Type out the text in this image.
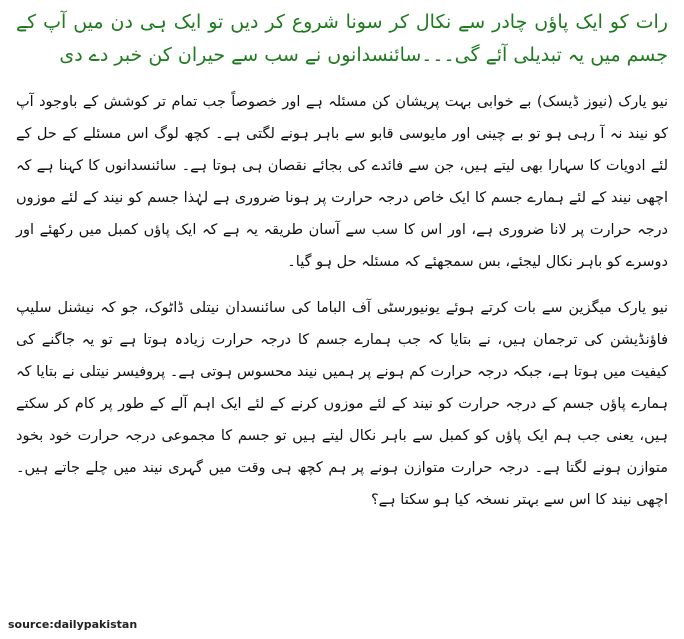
رات کو ایک پاؤں چادر سے نکال کر سونا شروع کر دیں تو ایک ہی دن میں آپ کے جسم میں یہ تبدیلی آئے گی۔۔۔سائنسدانوں نے سب سے حیران کن خبر دے دی

نیو یارک (نیوز ڈیسک) بے خوابی بہت پریشان کن مسئلہ ہے اور خصوصاً جب تمام تر کوشش کے باوجود آپ کو نیند نہ آ رہی ہو تو بے چینی اور مایوسی قابو سے باہر ہونے لگتی ہے۔ کچھ لوگ اس مسئلے کے حل کے لئے ادویات کا سہارا بھی لیتے ہیں، جن سے فائدے کی بجائے نقصان ہی ہوتا ہے۔ سائنسدانوں کا کہنا ہے کہ اچھی نیند کے لئے ہمارے جسم کا ایک خاص درجہ حرارت پر ہونا ضروری ہے لہٰذا جسم کو نیند کے لئے موزوں درجہ حرارت پر لانا ضروری ہے، اور اس کا سب سے آسان طریقہ یہ ہے کہ ایک پاؤں کمبل میں رکھئے اور دوسرے کو باہر نکال لیجئے، بس سمجھئے کہ مسئلہ حل ہو گیا۔

نیو یارک میگزین سے بات کرتے ہوئے یونیورسٹی آف الباما کی سائنسدان نیتلی ڈاٹوک، جو کہ نیشنل سلیپ فاؤنڈیشن کی ترجمان ہیں، نے بتایا کہ جب ہمارے جسم کا درجہ حرارت زیادہ ہوتا ہے تو یہ جاگنے کی کیفیت میں ہوتا ہے، جبکہ درجہ حرارت کم ہونے پر ہمیں نیند محسوس ہوتی ہے۔ پروفیسر نیتلی نے بتایا کہ ہمارے پاؤں جسم کے درجہ حرارت کو نیند کے لئے موزوں کرنے کے لئے ایک اہم آلے کے طور پر کام کر سکتے ہیں، یعنی جب ہم ایک پاؤں کو کمبل سے باہر نکال لیتے ہیں تو جسم کا مجموعی درجہ حرارت خود بخود متوازن ہونے لگتا ہے۔ درجہ حرارت متوازن ہونے پر ہم کچھ ہی وقت میں گہری نیند میں چلے جاتے ہیں۔ اچھی نیند کا اس سے بہتر نسخہ کیا ہو سکتا ہے؟

source:dailypakistan
